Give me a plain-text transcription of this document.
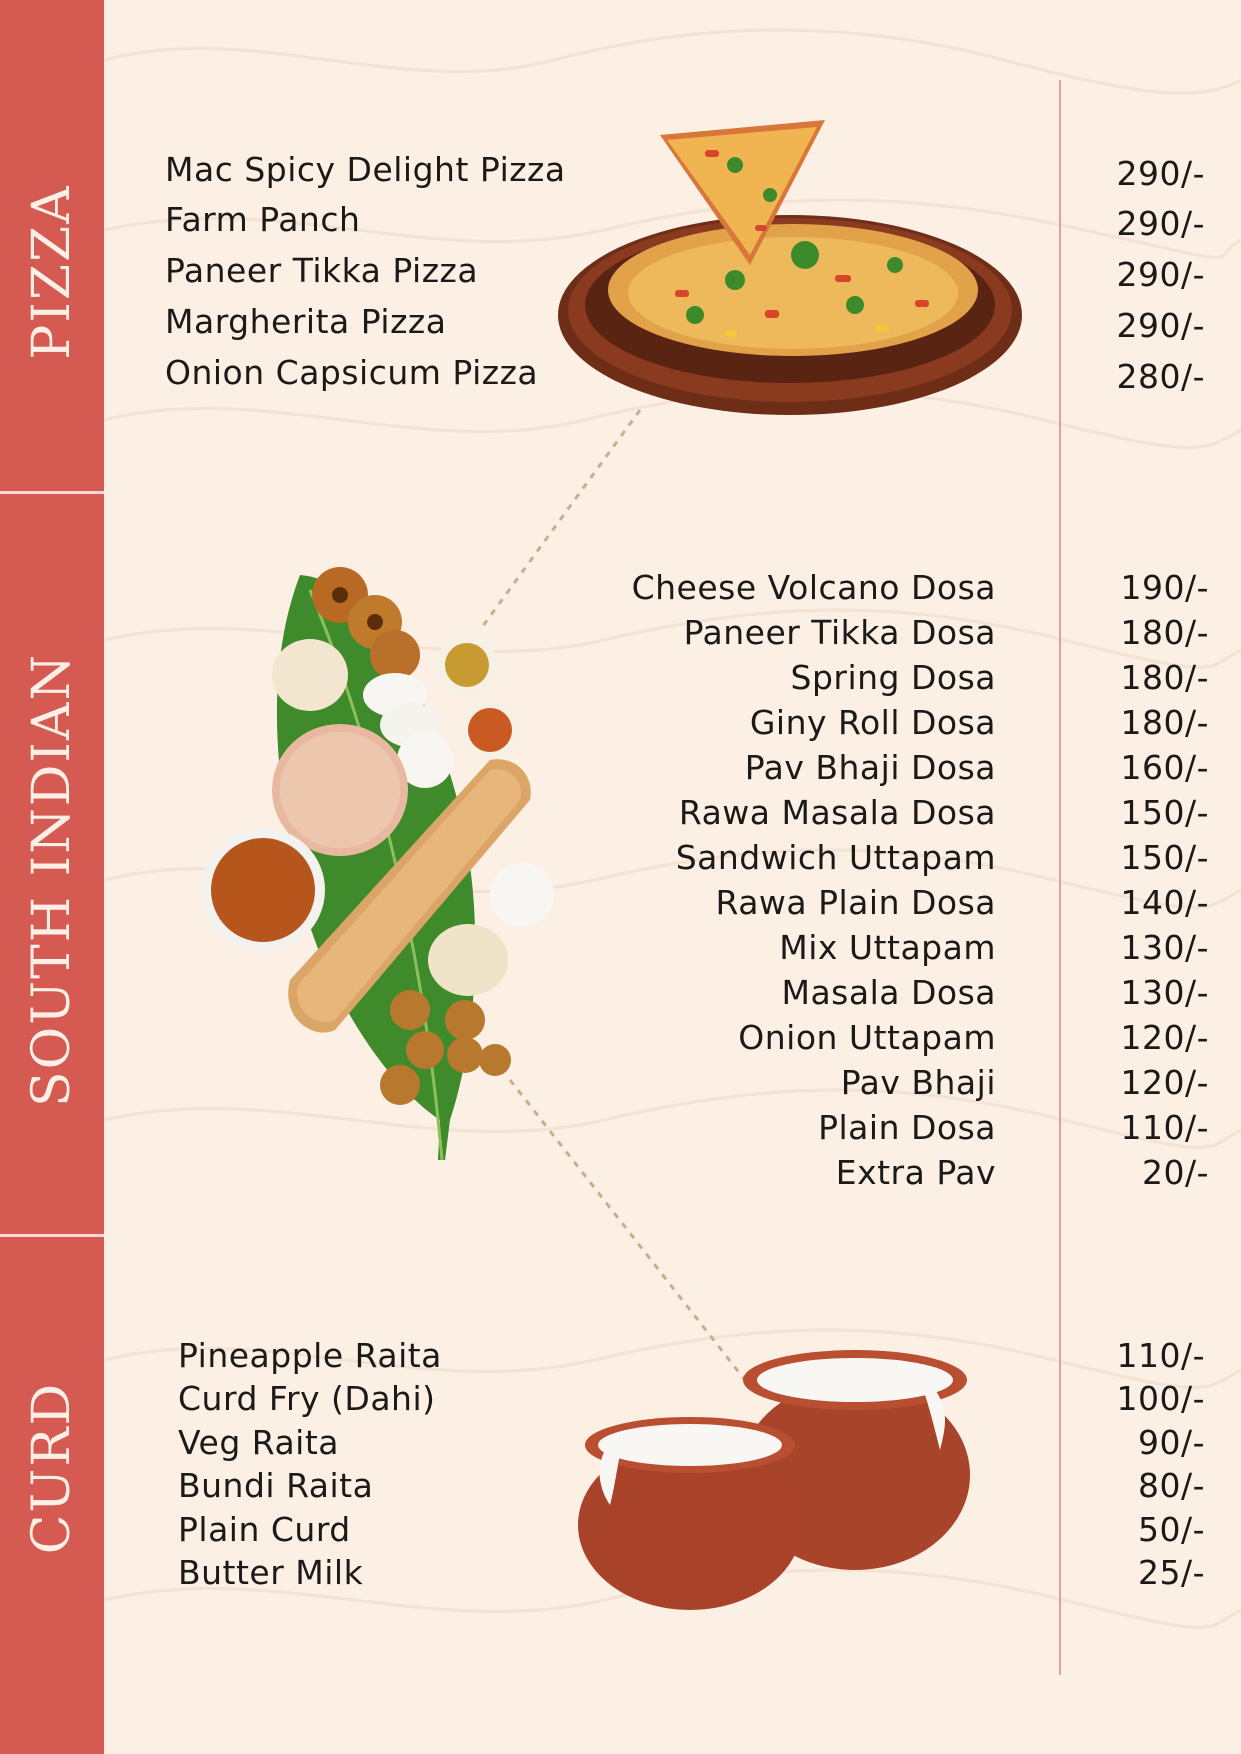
PIZZA
SOUTH INDIAN
CURD
Mac Spicy Delight Pizza
Farm Panch
Paneer Tikka Pizza
Margherita Pizza
Onion Capsicum Pizza
290/-
290/-
290/-
290/-
280/-
Cheese Volcano Dosa
Paneer Tikka Dosa
Spring Dosa
Giny Roll Dosa
Pav Bhaji Dosa
Rawa Masala Dosa
Sandwich Uttapam
Rawa Plain Dosa
Mix Uttapam
Masala Dosa
Onion Uttapam
Pav Bhaji
Plain Dosa
Extra Pav
190/-
180/-
180/-
180/-
160/-
150/-
150/-
140/-
130/-
130/-
120/-
120/-
110/-
20/-
Pineapple Raita
Curd Fry (Dahi)
Veg Raita
Bundi Raita
Plain Curd
Butter Milk
110/-
100/-
90/-
80/-
50/-
25/-
